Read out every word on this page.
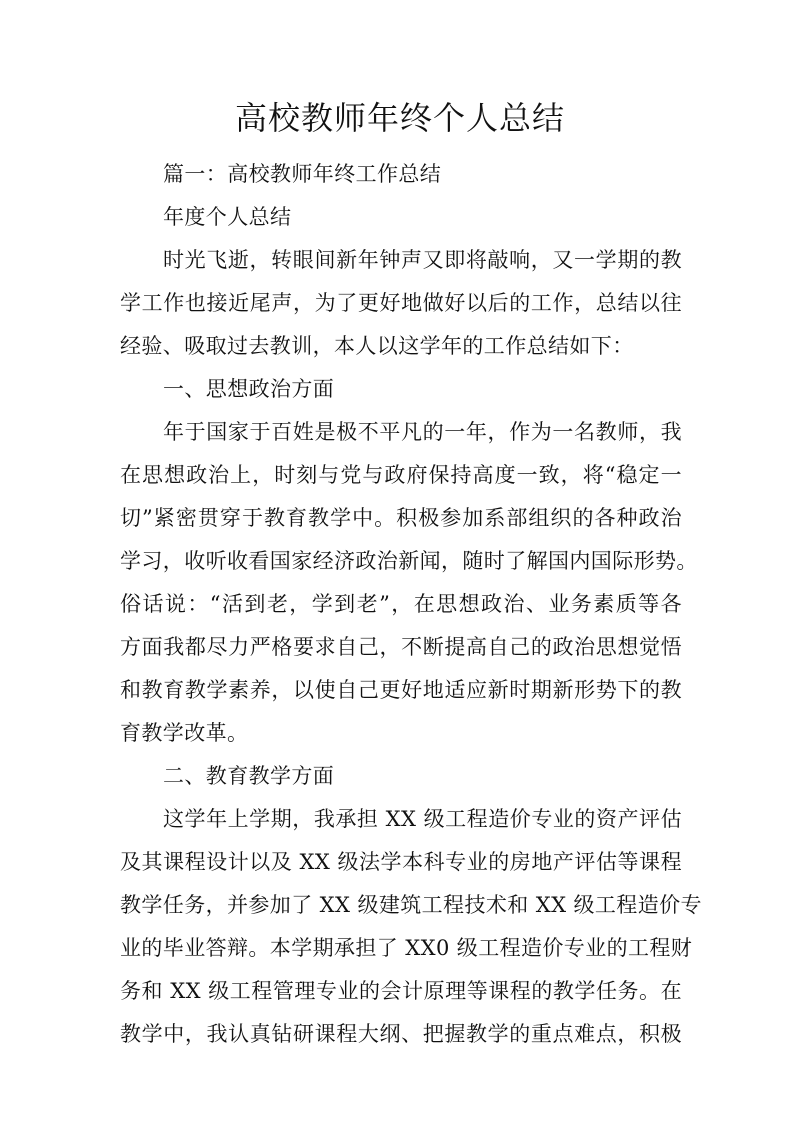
高校教师年终个人总结
篇一：高校教师年终工作总结
年度个人总结
时光飞逝，转眼间新年钟声又即将敲响，又一学期的教
学工作也接近尾声，为了更好地做好以后的工作，总结以往
经验、吸取过去教训，本人以这学年的工作总结如下：
一、思想政治方面
年于国家于百姓是极不平凡的一年，作为一名教师，我
在思想政治上，时刻与党与政府保持高度一致，将“稳定一
切”紧密贯穿于教育教学中。积极参加系部组织的各种政治
学习，收听收看国家经济政治新闻，随时了解国内国际形势。
俗话说：“活到老，学到老”，在思想政治、业务素质等各
方面我都尽力严格要求自己，不断提高自己的政治思想觉悟
和教育教学素养，以使自己更好地适应新时期新形势下的教
育教学改革。
二、教育教学方面
这学年上学期，我承担 XX 级工程造价专业的资产评估
及其课程设计以及 XX 级法学本科专业的房地产评估等课程
教学任务，并参加了 XX 级建筑工程技术和 XX 级工程造价专
业的毕业答辩。本学期承担了 XX0 级工程造价专业的工程财
务和 XX 级工程管理专业的会计原理等课程的教学任务。在
教学中，我认真钻研课程大纲、把握教学的重点难点，积极
